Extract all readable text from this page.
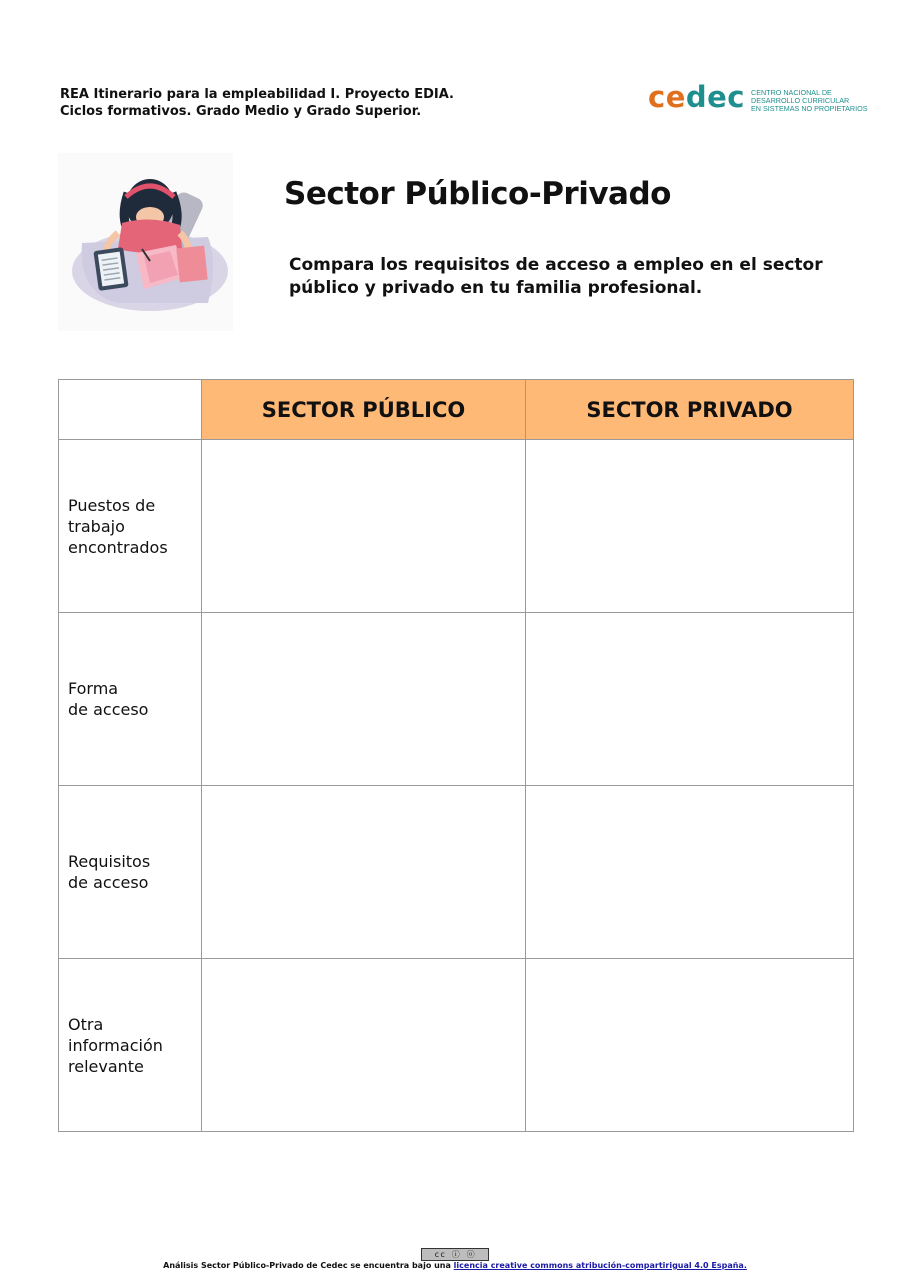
REA Itinerario para la empleabilidad I. Proyecto EDIA.
Ciclos formativos. Grado Medio y Grado Superior.	cedec CENTRO NACIONAL DE
DESARROLLO CURRICULAR
EN SISTEMAS NO PROPIETARIOS
Sector Público-Privado
Compara los requisitos de acceso a empleo en el sector
público y privado en tu familia profesional.
	SECTOR PÚBLICO	SECTOR PRIVADO

Puestos de
trabajo
encontrados		

Forma
de acceso		

Requisitos
de acceso		

Otra
información
relevante		

cc ⓘ ⓞ
Análisis Sector Público-Privado de Cedec se encuentra bajo una licencia creative commons atribución-compartirigual 4.0 España.
